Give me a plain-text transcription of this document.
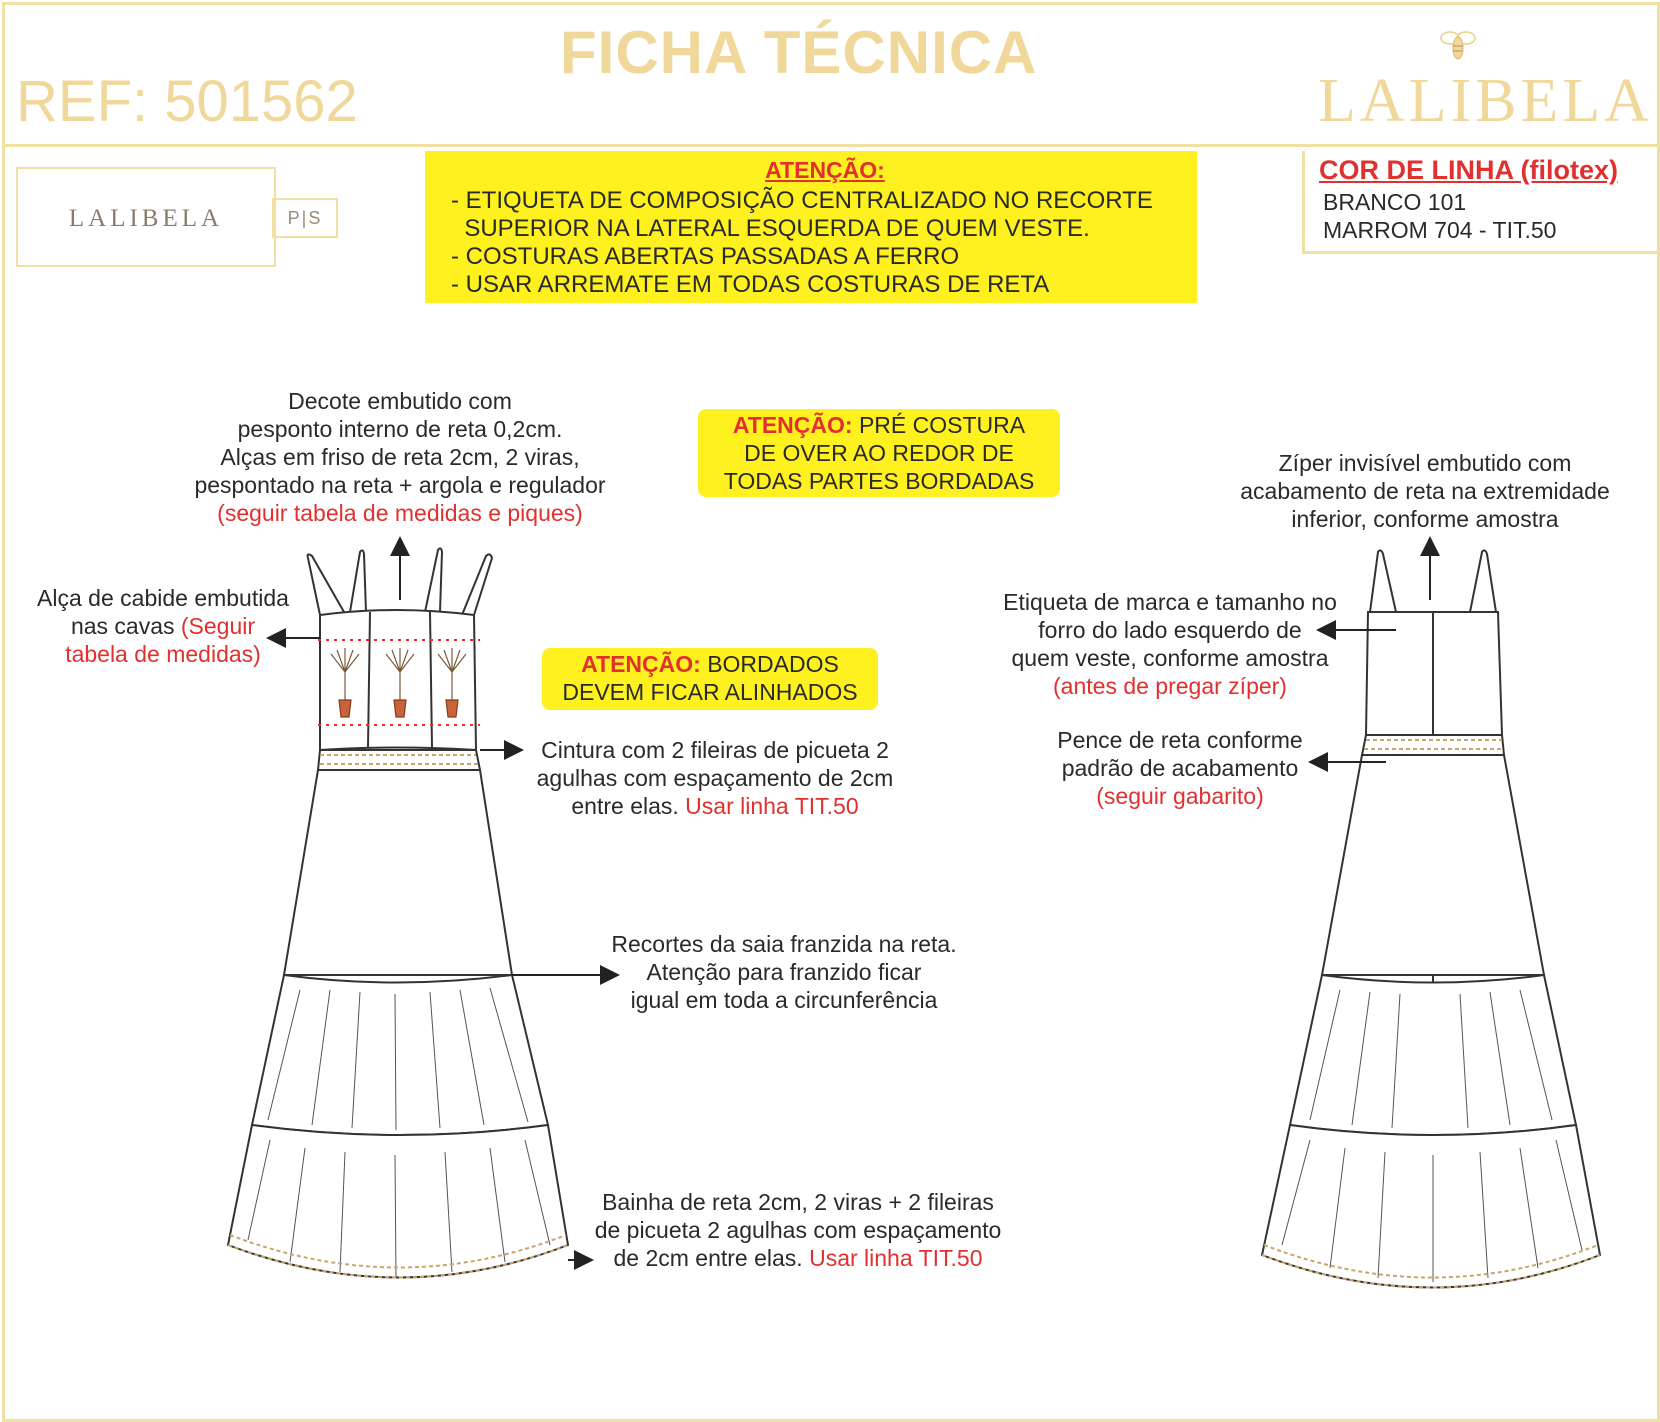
FICHA TÉCNICA
REF: 501562	LALIBELA
LALIBELA	P|S
ATENÇÃO:
- ETIQUETA DE COMPOSIÇÃO CENTRALIZADO NO RECORTE
SUPERIOR NA LATERAL ESQUERDA DE QUEM VESTE.
- COSTURAS ABERTAS PASSADAS A FERRO
- USAR ARREMATE EM TODAS COSTURAS DE RETA
COR DE LINHA (filotex)
BRANCO 101
MARROM 704 - TIT.50
Decote embutido com
pesponto interno de reta 0,2cm.
Alças em friso de reta 2cm, 2 viras,
pespontado na reta + argola e regulador
(seguir tabela de medidas e piques)
ATENÇÃO: PRÉ COSTURA
DE OVER AO REDOR DE
TODAS PARTES BORDADAS
Alça de cabide embutida
nas cavas (Seguir
tabela de medidas)	ATENÇÃO: BORDADOS
DEVEM FICAR ALINHADOS
Cintura com 2 fileiras de picueta 2
agulhas com espaçamento de 2cm
entre elas. Usar linha TIT.50
Recortes da saia franzida na reta.
Atenção para franzido ficar
igual em toda a circunferência
Bainha de reta 2cm, 2 viras + 2 fileiras
de picueta 2 agulhas com espaçamento
de 2cm entre elas. Usar linha TIT.50
Zíper invisível embutido com
acabamento de reta na extremidade
inferior, conforme amostra
Etiqueta de marca e tamanho no
forro do lado esquerdo de
quem veste, conforme amostra
(antes de pregar zíper)
Pence de reta conforme
padrão de acabamento
(seguir gabarito)
